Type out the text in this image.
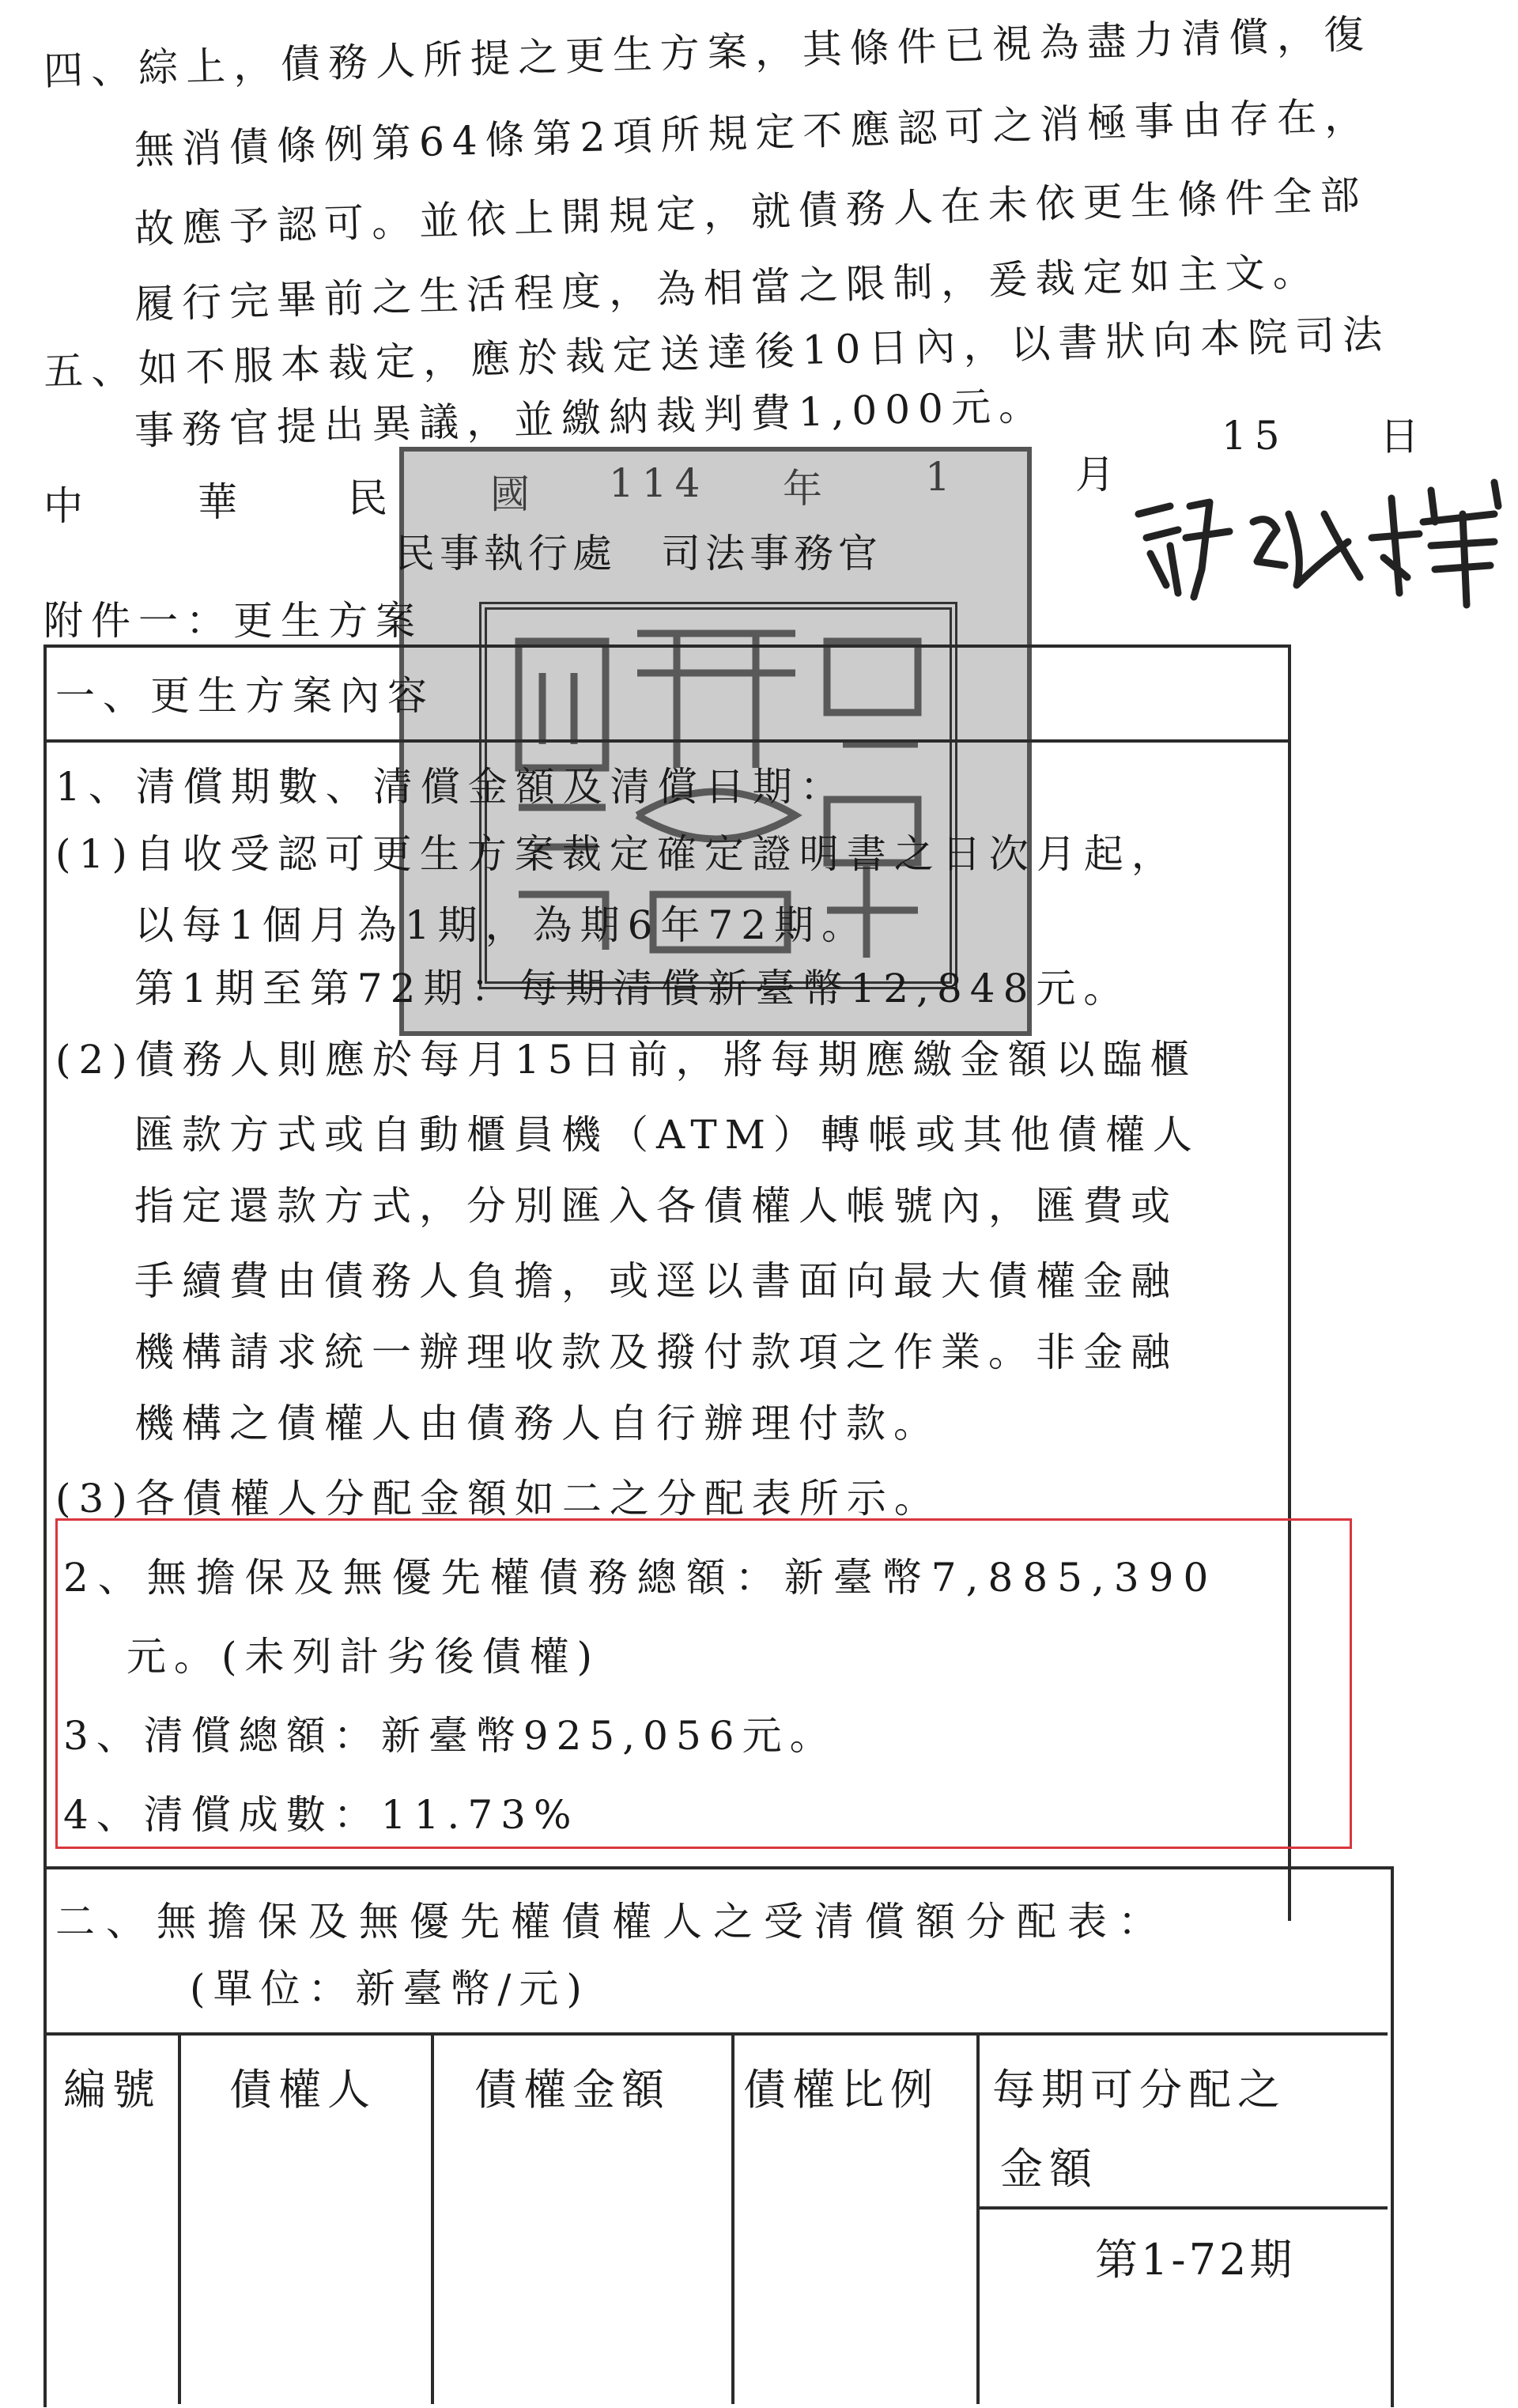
四、綜上，債務人所提之更生方案，其條件已視為盡力清償，復
無消債條例第64條第2項所規定不應認可之消極事由存在，
故應予認可。並依上開規定，就債務人在未依更生條件全部
履行完畢前之生活程度，為相當之限制，爰裁定如主文。
五、如不服本裁定，應於裁定送達後10日內，以書狀向本院司法
事務官提出異議，並繳納裁判費1,000元。
中	華	民 國 114 年 1	月
15 日
民事執行處　司法事務官
附件一：更生方案
一、更生方案內容
1、清償期數、清償金額及清償日期：
(1)自收受認可更生方案裁定確定證明書之日次月起，
以每1個月為1期，為期6年72期。
第1期至第72期：每期清償新臺幣12,848元。
(2)債務人則應於每月15日前，將每期應繳金額以臨櫃
匯款方式或自動櫃員機（ATM）轉帳或其他債權人
指定還款方式，分別匯入各債權人帳號內，匯費或
手續費由債務人負擔，或逕以書面向最大債權金融
機構請求統一辦理收款及撥付款項之作業。非金融
機構之債權人由債務人自行辦理付款。
(3)各債權人分配金額如二之分配表所示。
2、無擔保及無優先權債務總額：新臺幣7,885,390
元。(未列計劣後債權)
3、清償總額：新臺幣925,056元。
4、清償成數：11.73%
二、無擔保及無優先權債權人之受清償額分配表：
(單位：新臺幣/元)
編號 債權人 債權金額 債權比例 每期可分配之
金額
第1-72期
